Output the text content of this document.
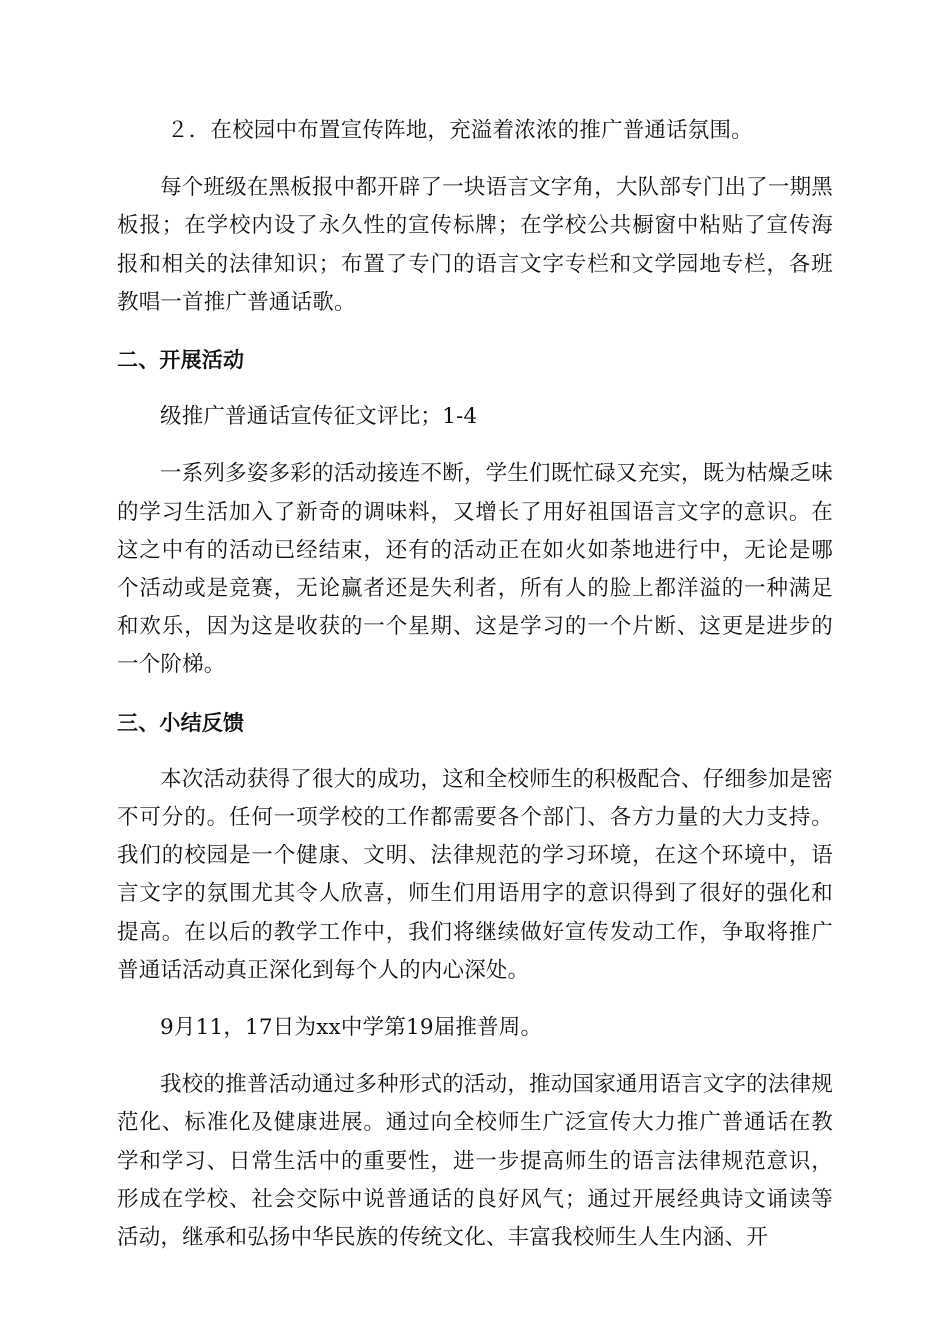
２．在校园中布置宣传阵地，充溢着浓浓的推广普通话氛围。

每个班级在黑板报中都开辟了一块语言文字角，大队部专门出了一期黑板报；在学校内设了永久性的宣传标牌；在学校公共橱窗中粘贴了宣传海报和相关的法律知识；布置了专门的语言文字专栏和文学园地专栏，各班教唱一首推广普通话歌。

二、开展活动

级推广普通话宣传征文评比；1-4

一系列多姿多彩的活动接连不断，学生们既忙碌又充实，既为枯燥乏味的学习生活加入了新奇的调味料，又增长了用好祖国语言文字的意识。在这之中有的活动已经结束，还有的活动正在如火如荼地进行中，无论是哪个活动或是竞赛，无论赢者还是失利者，所有人的脸上都洋溢的一种满足和欢乐，因为这是收获的一个星期、这是学习的一个片断、这更是进步的一个阶梯。

三、小结反馈

本次活动获得了很大的成功，这和全校师生的积极配合、仔细参加是密不可分的。任何一项学校的工作都需要各个部门、各方力量的大力支持。我们的校园是一个健康、文明、法律规范的学习环境，在这个环境中，语言文字的氛围尤其令人欣喜，师生们用语用字的意识得到了很好的强化和提高。在以后的教学工作中，我们将继续做好宣传发动工作，争取将推广普通话活动真正深化到每个人的内心深处。

9月11，17日为xx中学第19届推普周。

我校的推普活动通过多种形式的活动，推动国家通用语言文字的法律规范化、标准化及健康进展。通过向全校师生广泛宣传大力推广普通话在教学和学习、日常生活中的重要性，进一步提高师生的语言法律规范意识，形成在学校、社会交际中说普通话的良好风气；通过开展经典诗文诵读等活动，继承和弘扬中华民族的传统文化、丰富我校师生人生内涵、开
